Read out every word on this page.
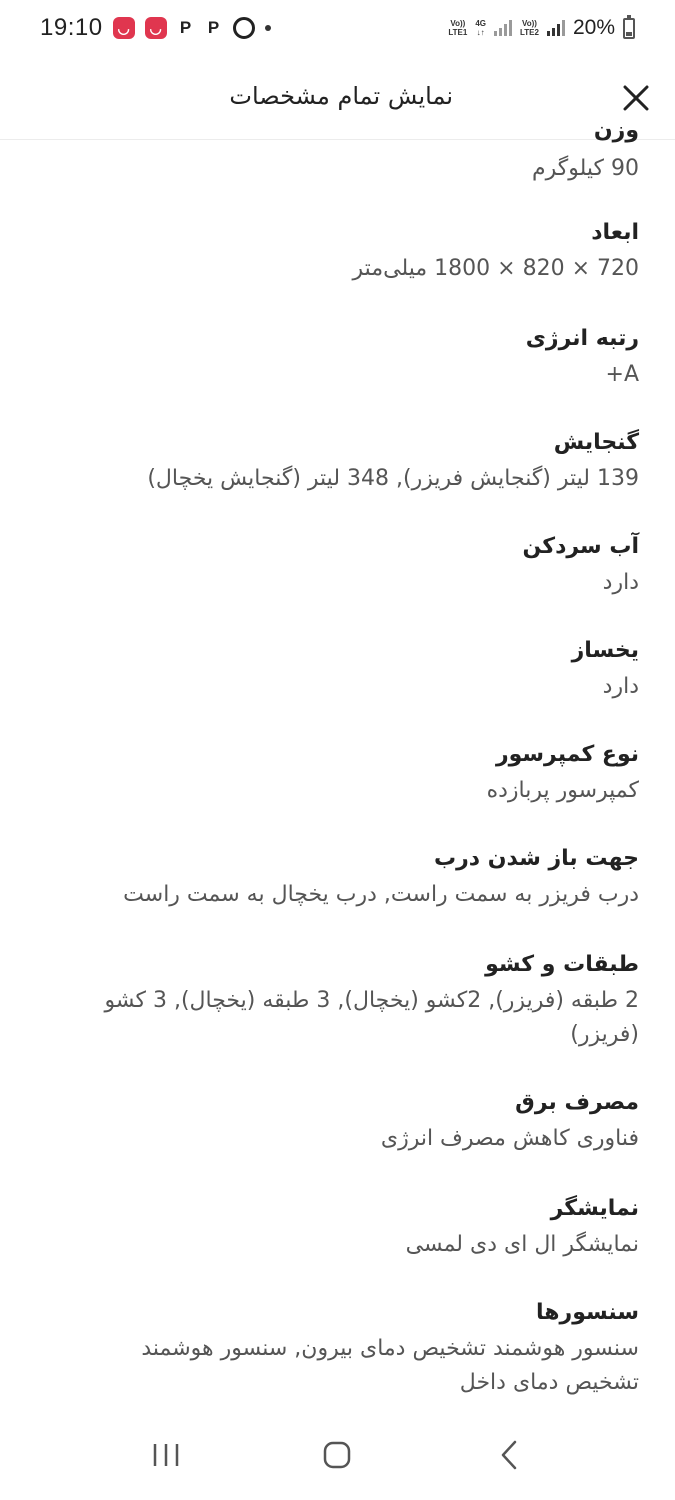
19:10	◡	◡ P P	Vo))
LTE1
4G
↓↑
Vo))
LTE2 20%
نمایش تمام مشخصات
وزن
90 کیلوگرم
ابعاد
720 × 820 × 1800 میلی‌متر
رتبه انرژی
A+
گنجایش
139 لیتر (گنجایش فریزر), 348 لیتر (گنجایش یخچال)
آب سردکن
دارد
یخساز
دارد
نوع کمپرسور
کمپرسور پربازده
جهت باز شدن درب
درب فریزر به سمت راست, درب یخچال به سمت راست
طبقات و کشو
2 طبقه (فریزر), 2کشو (یخچال), 3 طبقه (یخچال), 3 کشو (فریزر)
مصرف برق
فناوری کاهش مصرف انرژی
نمایشگر
نمایشگر ال ای دی لمسی
سنسورها
سنسور هوشمند تشخیص دمای بیرون, سنسور هوشمند تشخیص دمای داخل
